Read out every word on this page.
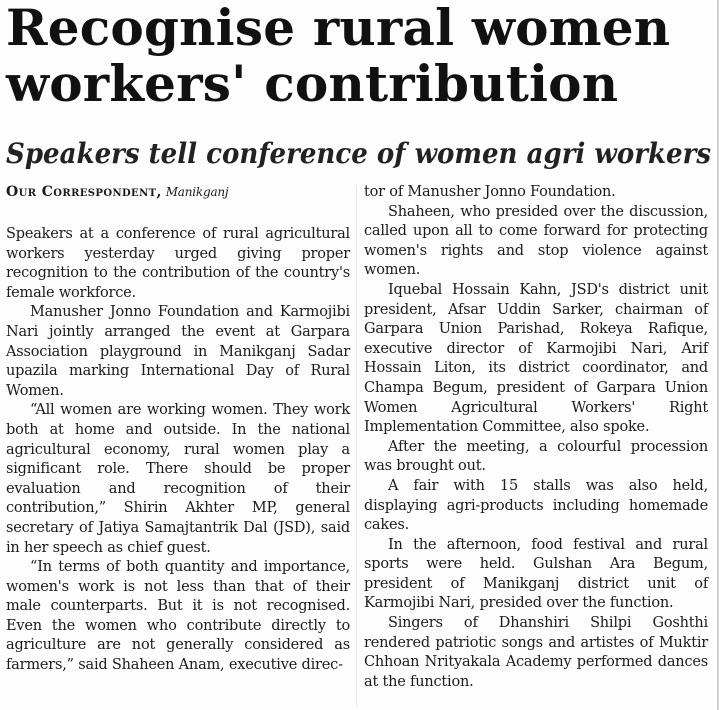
Recognise rural women workers' contribution
Speakers tell conference of women agri workers
Our Correspondent, Manikganj

Speakers at a conference of rural agricultural workers yesterday urged giving proper recognition to the contribution of the country's female workforce.

Manusher Jonno Foundation and Karmojibi Nari jointly arranged the event at Garpara Association playground in Manikganj Sadar upazila marking International Day of Rural Women.

“All women are working women. They work both at home and outside. In the national agricultural economy, rural women play a significant role. There should be proper evaluation and recognition of their contribution,” Shirin Akhter MP, general secretary of Jatiya Samajtantrik Dal (JSD), said in her speech as chief guest.

“In terms of both quantity and importance, women's work is not less than that of their male counterparts. But it is not recognised. Even the women who contribute directly to agriculture are not generally considered as farmers,” said Shaheen Anam, executive direc-

tor of Manusher Jonno Foundation.

Shaheen, who presided over the discussion, called upon all to come forward for protecting women's rights and stop violence against women.

Iquebal Hossain Kahn, JSD's district unit president, Afsar Uddin Sarker, chairman of Garpara Union Parishad, Rokeya Rafique, executive director of Karmojibi Nari, Arif Hossain Liton, its district coordinator, and Champa Begum, president of Garpara Union Women Agricultural Workers' Right Implementation Committee, also spoke.

After the meeting, a colourful procession was brought out.

A fair with 15 stalls was also held, displaying agri-products including homemade cakes.

In the afternoon, food festival and rural sports were held. Gulshan Ara Begum, president of Manikganj district unit of Karmojibi Nari, presided over the function.

Singers of Dhanshiri Shilpi Goshthi rendered patriotic songs and artistes of Muktir Chhoan Nrityakala Academy performed dances at the function.
